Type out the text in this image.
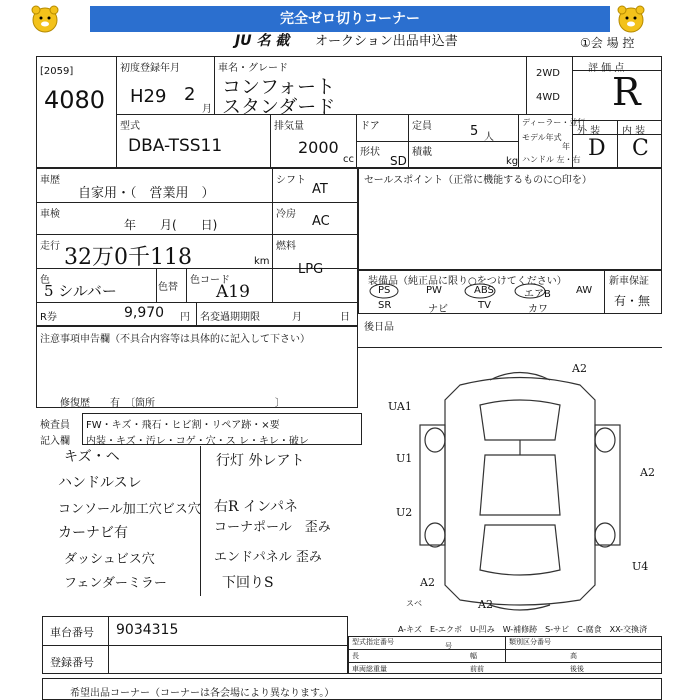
完全ゼロ切りコーナー
JU 名 截 オークション出品申込書	①会 場 控
[2059]
4080
初度登録年月
H29 2
月
車名・グレード
コンフォート
スタンダード
2WD
4WD
評 価 点
R
外 装 内 装
D C
型式
DBA-TSS11
排気量
2000
cc
ドア	定員	5 人
形状
SD
積載
kg
ディーラー・並行
モデル年式
年
ハンドル 左・右
車歴
自家用・（　営業用　）
車検
年　　月(　　日)
走行 32万0千118	km
色
5 シルバー	色替
色コード
A19
シフト
AT
冷房 AC
燃料
LPG
R券	9,970 円 名変過期期限	月	日
セールスポイント（正常に機能するものに○印を）
装備品（純正品に限り○をつけてください）	新車保証
有・無
PS	PW	ABS	エアB	AW
SR	ナビ	TV	カワ
後日品
注意事項申告欄（不具合内容等は具体的に記入して下さい）
修復歴　　有　〔箇所　　　　　　　　　　　　〕
検査員
記入欄
FW・キズ・飛石・ヒビ割・リペア跡・×要
内装・キズ・汚レ・コゲ・穴・ス レ・キレ・破レ
キズ・ヘ
ハンドルスレ
コンソール加工穴ビス穴
カーナビ有
ダッシュビス穴
フェンダーミラー
行灯 外レアト
右R インパネ
コーナポール　歪み
エンドパネル 歪み
下回りS
A2
UA1
U1
U2
A2
U4
A2
A2
スベ
A-キズ　E-エクボ　U-凹み　W-補修跡　S-サビ　C-腐食　XX-交換済
車台番号 9034315
登録番号
型式指定番号	号	類別区分番号
長	幅	高
車両総重量	前前	後後
希望出品コーナー（コーナーは各会場により異なります。）
